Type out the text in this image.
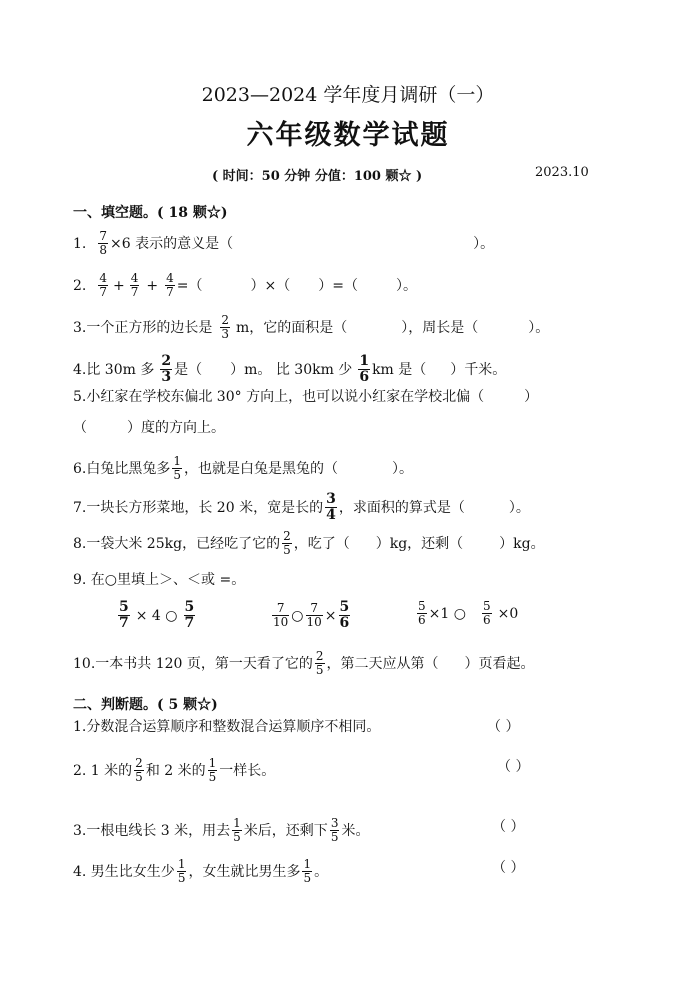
2023—2024 学年度月调研（一）
六年级数学试题
( 时间：50 分钟 分值：100 颗☆ )	2023.10
一、填空题。( 18 颗☆)
1. $\frac{7}{8} \times 6$ 表示的意义是（	）。
2. $\frac{4}{7} + \frac{4}{7} + \frac{4}{7}$ =（	）×（ ）=（	）。
3.一个正方形的边长是 $\frac{2}{3}$ m，它的面积是（	），周长是（	）。
4.比 30m 多 $\frac{2}{3}$ 是（ ）m。 比 30km 少 $\frac{1}{6}$ km 是（ ）千米。
5.小红家在学校东偏北 30° 方向上，也可以说小红家在学校北偏（	）
（	）度的方向上。
6.白兔比黑兔多 $\frac{1}{5}$ ，也就是白兔是黑兔的（	）。
7.一块长方形菜地，长 20 米，宽是长的 $\frac{3}{4}$ ，求面积的算式是（	）。
8.一袋大米 25kg，已经吃了它的 $\frac{2}{5}$ ，吃了（ ）kg，还剩（	）kg。
9. 在○里填上＞、＜或 =。
$\frac{5}{7} \times 4$ ○ $\frac{5}{7}$	$\frac{7}{10}$ ○ $\frac{7}{10} \times \frac{5}{6}$	$\frac{5}{6} \times 1$ ○ $\frac{5}{6} \times 0$
10.一本书共 120 页，第一天看了它的 $\frac{2}{5}$ ，第二天应从第（ ）页看起。
二、判断题。( 5 颗☆)
1.分数混合运算顺序和整数混合运算顺序不相同。	（ ）
2. 1 米的 $\frac{2}{5}$ 和 2 米的 $\frac{1}{5}$ 一样长。	（ ）
3.一根电线长 3 米，用去 $\frac{1}{5}$ 米后，还剩下 $\frac{3}{5}$ 米。	（ ）
4. 男生比女生少 $\frac{1}{5}$ ，女生就比男生多 $\frac{1}{5}$ 。	（ ）
